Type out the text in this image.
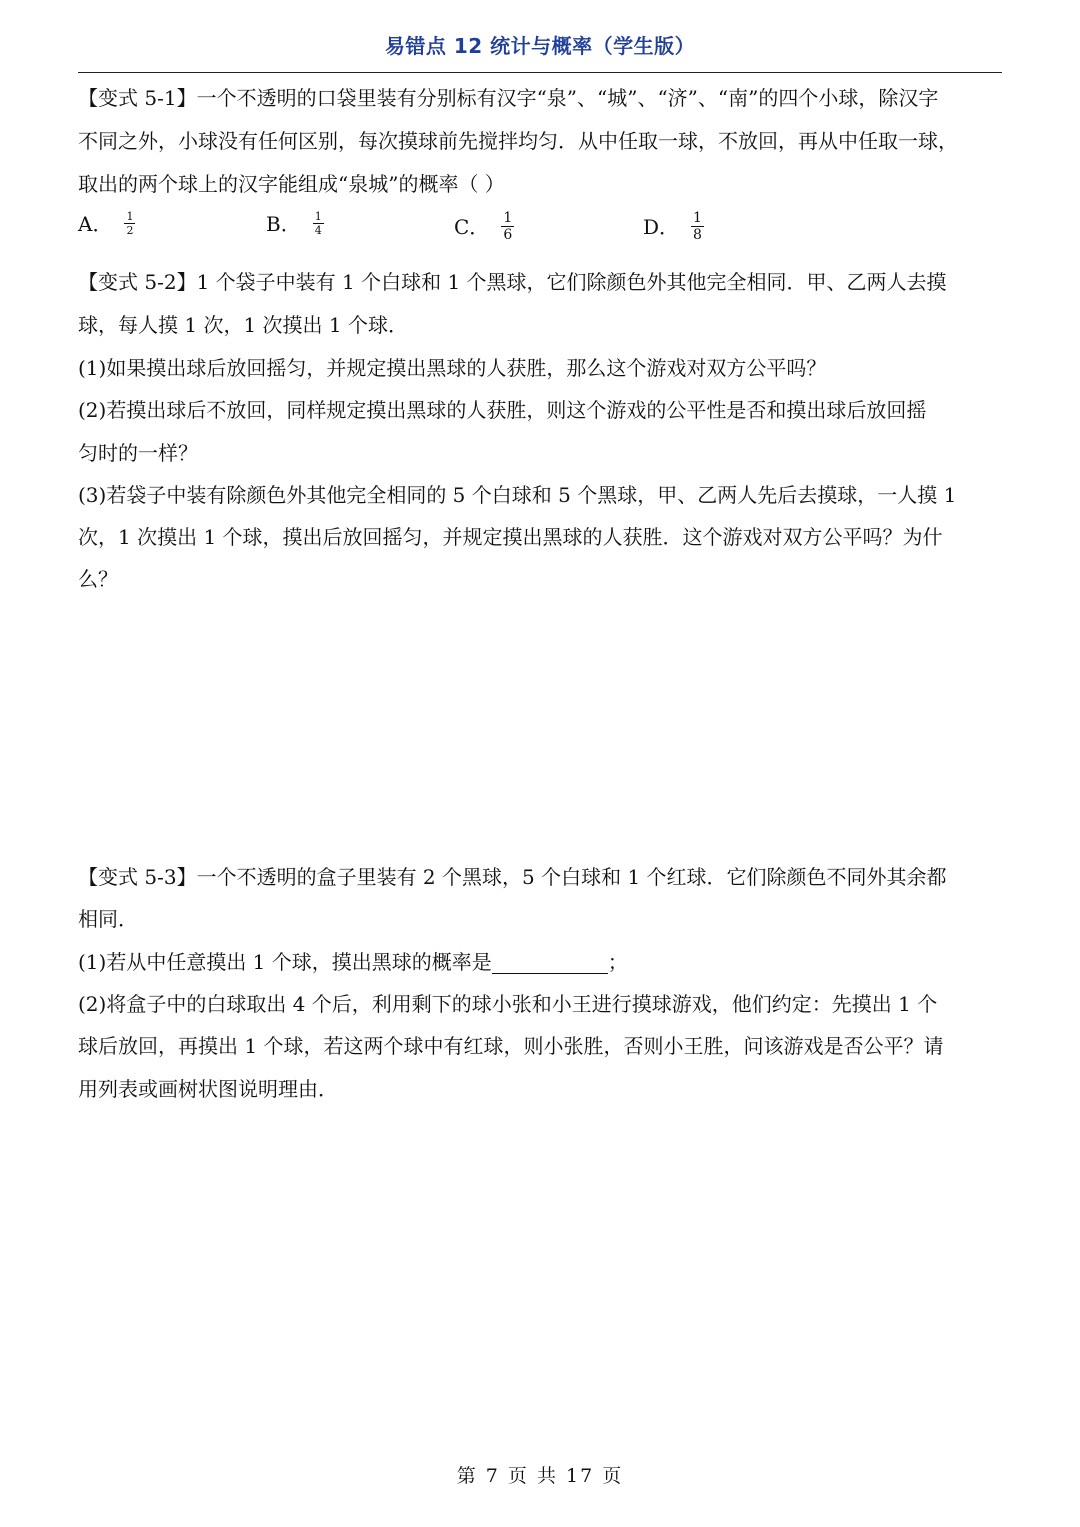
易错点 12 统计与概率（学生版）
【变式 5-1】一个不透明的口袋里装有分别标有汉字“泉”、“城”、“济”、“南”的四个小球，除汉字
不同之外，小球没有任何区别，每次摸球前先搅拌均匀．从中任取一球，不放回，再从中任取一球，
取出的两个球上的汉字能组成“泉城”的概率（ ）
A． $\frac{1}{2}$	B． $\frac{1}{4}$	C． $\frac{1}{6}$	D． $\frac{1}{8}$
【变式 5-2】1 个袋子中装有 1 个白球和 1 个黑球，它们除颜色外其他完全相同．甲、乙两人去摸
球，每人摸 1 次，1 次摸出 1 个球．
(1)如果摸出球后放回摇匀，并规定摸出黑球的人获胜，那么这个游戏对双方公平吗？
(2)若摸出球后不放回，同样规定摸出黑球的人获胜，则这个游戏的公平性是否和摸出球后放回摇
匀时的一样？
(3)若袋子中装有除颜色外其他完全相同的 5 个白球和 5 个黑球，甲、乙两人先后去摸球，一人摸 1
次，1 次摸出 1 个球，摸出后放回摇匀，并规定摸出黑球的人获胜．这个游戏对双方公平吗？为什
么？
【变式 5-3】一个不透明的盒子里装有 2 个黑球，5 个白球和 1 个红球．它们除颜色不同外其余都
相同．
(1)若从中任意摸出 1 个球，摸出黑球的概率是	；
(2)将盒子中的白球取出 4 个后，利用剩下的球小张和小王进行摸球游戏，他们约定：先摸出 1 个
球后放回，再摸出 1 个球，若这两个球中有红球，则小张胜，否则小王胜，问该游戏是否公平？请
用列表或画树状图说明理由．
第 7 页 共 17 页
